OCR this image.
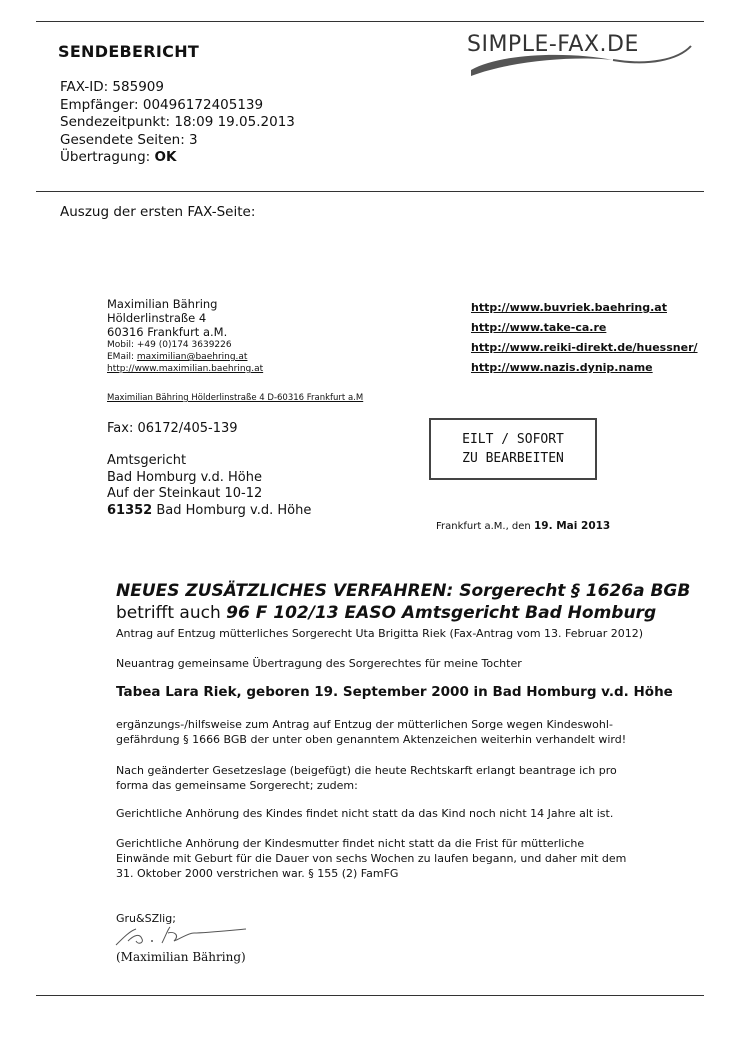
SENDEBERICHT
FAX-ID: 585909
Empfänger: 00496172405139
Sendezeitpunkt: 18:09 19.05.2013
Gesendete Seiten: 3
Übertragung: OK
SIMPLE-FAX.DE
Auszug der ersten FAX-Seite:
Maximilian Bähring
Hölderlinstraße 4
60316 Frankfurt a.M.
Mobil: +49 (0)174 3639226
EMail: maximilian@baehring.at
http://www.maximilian.baehring.at
http://www.buvriek.baehring.at
http://www.take-ca.re
http://www.reiki-direkt.de/huessner/
http://www.nazis.dynip.name
Maximilian Bähring Hölderlinstraße 4 D-60316 Frankfurt a.M
Fax: 06172/405-139
Amtsgericht
Bad Homburg v.d. Höhe
Auf der Steinkaut 10-12
61352 Bad Homburg v.d. Höhe
EILT / SOFORT
ZU BEARBEITEN
Frankfurt a.M., den 19. Mai 2013
NEUES ZUSÄTZLICHES VERFAHREN: Sorgerecht § 1626a BGB
betrifft auch 96 F 102/13 EASO Amtsgericht Bad Homburg
Antrag auf Entzug mütterliches Sorgerecht Uta Brigitta Riek (Fax-Antrag vom 13. Februar 2012)
Neuantrag gemeinsame Übertragung des Sorgerechtes für meine Tochter
Tabea Lara Riek, geboren 19. September 2000 in Bad Homburg v.d. Höhe
ergänzungs-/hilfsweise zum Antrag auf Entzug der mütterlichen Sorge wegen Kindeswohl-gefährdung § 1666 BGB der unter oben genanntem Aktenzeichen weiterhin verhandelt wird!
Nach geänderter Gesetzeslage (beigefügt) die heute Rechtskarft erlangt beantrage ich pro forma das gemeinsame Sorgerecht; zudem:
Gerichtliche Anhörung des Kindes findet nicht statt da das Kind noch nicht 14 Jahre alt ist.
Gerichtliche Anhörung der Kindesmutter findet nicht statt da die Frist für mütterliche Einwände mit Geburt für die Dauer von sechs Wochen zu laufen begann, und daher mit dem 31. Oktober 2000 verstrichen war. § 155 (2) FamFG
Gru&SZlig;
(Maximilian Bähring)
